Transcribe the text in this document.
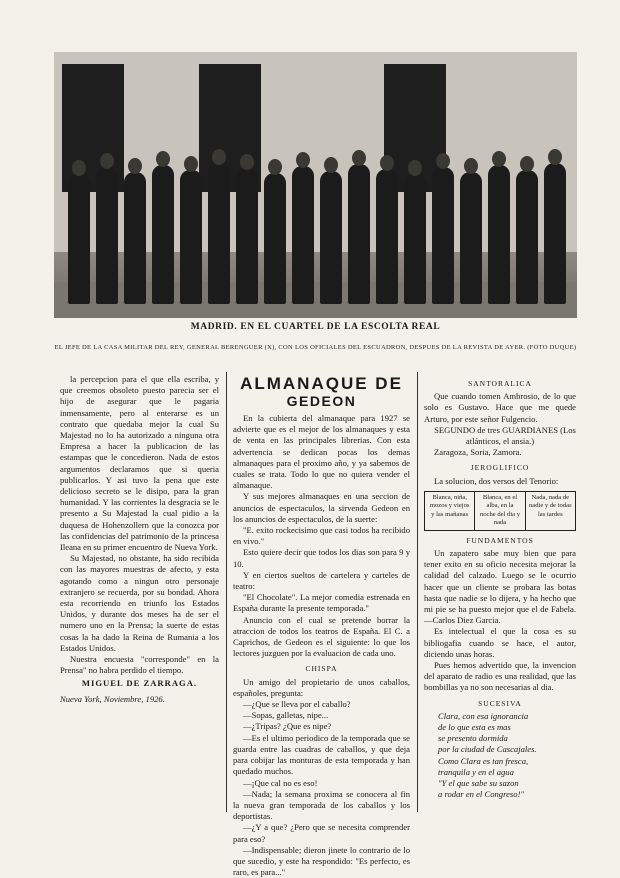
MADRID. EN EL CUARTEL DE LA ESCOLTA REAL
EL JEFE DE LA CASA MILITAR DEL REY, GENERAL BERENGUER (X), CON LOS OFICIALES DEL ESCUADRON, DESPUES DE LA REVISTA DE AYER. (FOTO DUQUE)

la percepcion para el que ella escriba, y que creemos obsoleto puesto parecia ser el hijo de asegurar que le pagaria inmensamente, pero al enterarse es un contrato que quedaba mejor la cual Su Majestad no lo ha autorizado a ninguna otra Empresa a hacer la publicacion de las estampas que le concedieron. Nada de estos argumentos declaramos que si queria publicarlos. Y asi tuvo la pena que este delicioso secreto se le disipo, para la gran humanidad. Y las corrientes la desgracia se le presento a Su Majestad la cual pidio a la duquesa de Hohenzollern que la conozca por las confidencias del patrimonio de la princesa Ileana en su primer encuentro de Nueva York.

Su Majestad, no obstante, ha sido recibida con las mayores muestras de afecto, y esta agotando como a ningun otro personaje extranjero se recuerda, por su bondad. Ahora esta recorriendo en triunfo los Estados Unidos, y durante dos meses ha de ser el numero uno en la Prensa; la suerte de estas cosas la ha dado la Reina de Rumania a los Estados Unidos.

Nuestra encuesta "corresponde" en la Prensa" no habra perdido el tiempo.

MIGUEL DE ZARRAGA.
Nueva York, Noviembre, 1926.
ALMANAQUE DE
GEDEON

En la cubierta del almanaque para 1927 se advierte que es el mejor de los almanaques y esta de venta en las principales librerias. Con esta advertencia se dedican pocas los demas almanaques para el proximo año, y ya sabemos de cuales se trata. Todo lo que no quiera vender el almanaque.

Y sus mejores almanaques en una seccion de anuncios de espectaculos, la sirvenda Gedeon en los anuncios de espectaculos, de la suerte:

"E. exito rockecisimo que casi todos ha recibido en vivo."

Esto quiere decir que todos los dias son para 9 y 10.

Y en ciertos sueltos de cartelera y carteles de teatro:

"El Chocolate". La mejor comedia estrenada en España durante la presente temporada."

Anuncio con el cual se pretende borrar la atraccion de todos los teatros de España. El C. a Caprichos, de Gedeon es el siguiente: lo que los lectores juzguen por la evaluacion de cada uno.

CHISPA

Un amigo del propietario de unos caballos, españoles, pregunta:

—¿Que se lleva por el caballo?

—Sopas, galletas, nipe...

—¿Tripas? ¿Que es nipe?

—Es el ultimo periodico de la temporada que se guarda entre las cuadras de caballos, y que deja para cobijar las monturas de esta temporada y han quedado muchos.

—¡Que cal no es eso!

—Nada; la semana proxima se conocera al fin la nueva gran temporada de los caballos y los deportistas.

—¿Y a que? ¿Pero que se necesita comprender para eso?

—Indispensable; dieron jinete lo contrario de lo que sucedio, y este ha respondido: "Es perfecto, es raro, es para..."

SANTORALICA

Que cuando tomen Ambrosio, de lo que solo es Gustavo. Hace que me quede Arturo, por este señor Fulgencio.

SEGUNDO de tres GUARDIANES (Los atlánticos, el ansia.)

Zaragoza, Soria, Zamora.

JEROGLIFICO

La solucion, dos versos del Tenorio:

Blanca, niña, mozos y viejos y las mañanas
Blanca, en el alba, en la noche del dia y nada
Nada, nada de nadie y de todas las tardes
FUNDAMENTOS

Un zapatero sabe muy bien que para tener exito en su oficio necesita mejorar la calidad del calzado. Luego se le ocurrio hacer que un cliente se probara las botas hasta que nadie se lo dijera, y ha hecho que mi pie se ha puesto mejor que el de Fabela. —Carlos Diez Garcia.

Es intelectual el que la cosa es su bibliogafia cuando se hace, el autor, diciendo unas horas.

Pues hemos advertido que, la invencion del aparato de radio es una realidad, que las bombillas ya no son necesarias al dia.

SUCESIVA

Clara, con esa ignorancia

de lo que esta es mas

se presento dormida

por la ciudad de Cascajales.

Como Clara es tan fresca,

tranquila y en el agua

"Y el que sabe su sazon

a rodar en el Congreso!"
